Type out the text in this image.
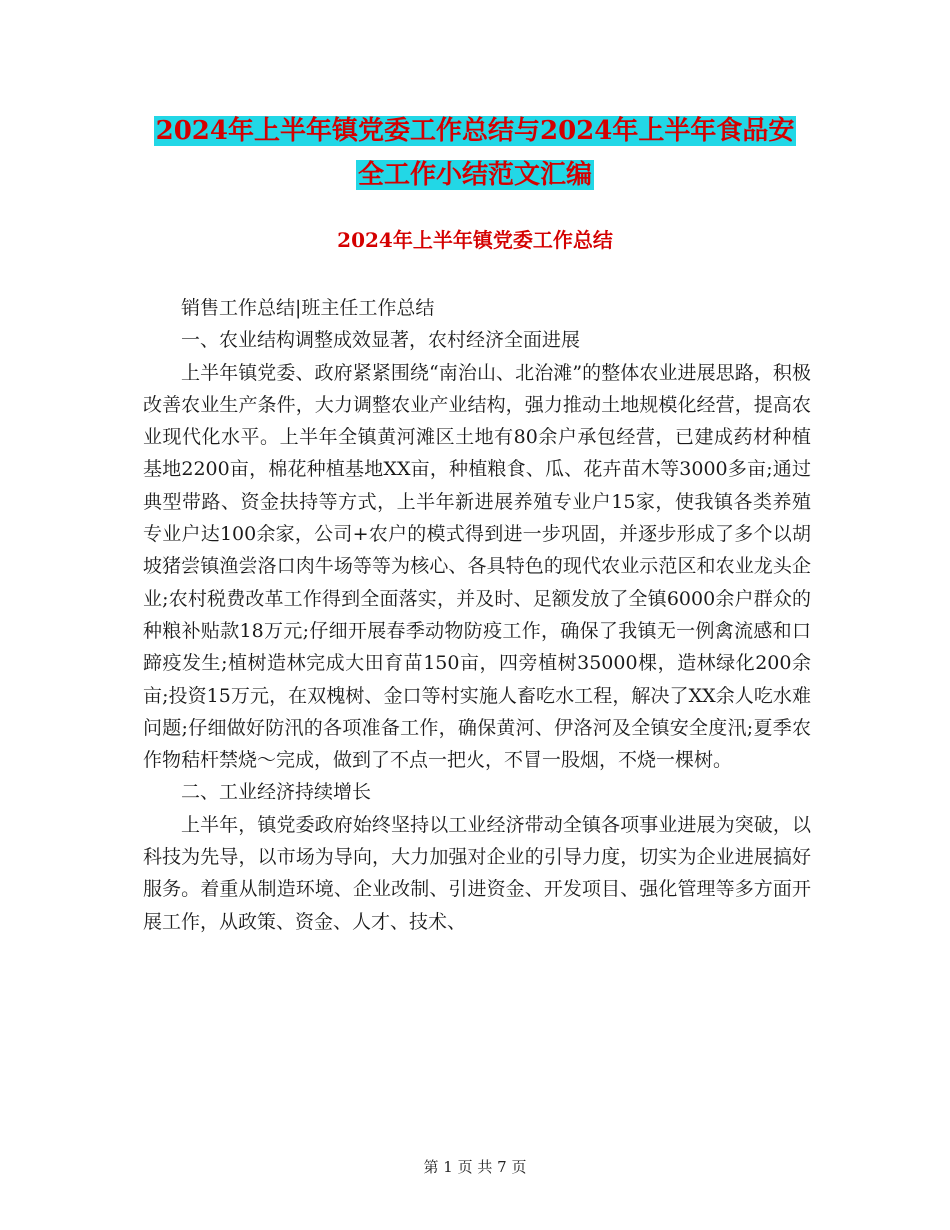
2024年上半年镇党委工作总结与2024年上半年食品安
全工作小结范文汇编
2024年上半年镇党委工作总结

销售工作总结|班主任工作总结

一、农业结构调整成效显著，农村经济全面进展

上半年镇党委、政府紧紧围绕“南治山、北治滩”的整体农业进展思路，积极改善农业生产条件，大力调整农业产业结构，强力推动土地规模化经营，提高农业现代化水平。上半年全镇黄河滩区土地有80余户承包经营，已建成药材种植基地2200亩，棉花种植基地XX亩，种植粮食、瓜、花卉苗木等3000多亩;通过典型带路、资金扶持等方式，上半年新进展养殖专业户15家，使我镇各类养殖专业户达100余家，公司+农户的模式得到进一步巩固，并逐步形成了多个以胡坡猪尝镇渔尝洛口肉牛场等等为核心、各具特色的现代农业示范区和农业龙头企业;农村税费改革工作得到全面落实，并及时、足额发放了全镇6000余户群众的种粮补贴款18万元;仔细开展春季动物防疫工作，确保了我镇无一例禽流感和口蹄疫发生;植树造林完成大田育苗150亩，四旁植树35000棵，造林绿化200余亩;投资15万元，在双槐树、金口等村实施人畜吃水工程，解决了XX余人吃水难问题;仔细做好防汛的各项准备工作，确保黄河、伊洛河及全镇安全度汛;夏季农作物秸杆禁烧～完成，做到了不点一把火，不冒一股烟，不烧一棵树。

二、工业经济持续增长

上半年，镇党委政府始终坚持以工业经济带动全镇各项事业进展为突破，以科技为先导，以市场为导向，大力加强对企业的引导力度，切实为企业进展搞好服务。着重从制造环境、企业改制、引进资金、开发项目、强化管理等多方面开展工作，从政策、资金、人才、技术、

第 1 页 共 7 页
